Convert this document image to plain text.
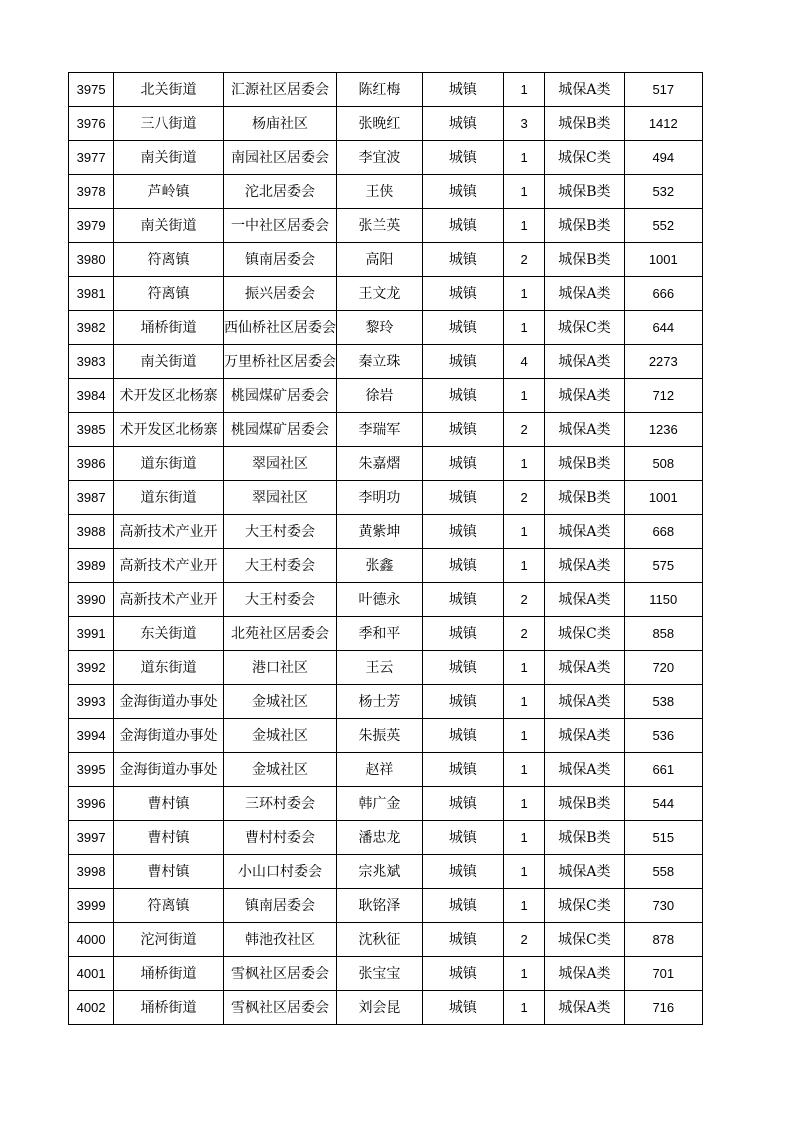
3975	北关街道	汇源社区居委会	陈红梅	城镇	1	城保A类	517
3976	三八街道	杨庙社区	张晚红	城镇	3	城保B类	1412
3977	南关街道	南园社区居委会	李宜波	城镇	1	城保C类	494
3978	芦岭镇	沱北居委会	王侠	城镇	1	城保B类	532
3979	南关街道	一中社区居委会	张兰英	城镇	1	城保B类	552
3980	符离镇	镇南居委会	高阳	城镇	2	城保B类	1001
3981	符离镇	振兴居委会	王文龙	城镇	1	城保A类	666
3982	埇桥街道	西仙桥社区居委会	黎玲	城镇	1	城保C类	644
3983	南关街道	万里桥社区居委会	秦立珠	城镇	4	城保A类	2273
3984	术开发区北杨寨	桃园煤矿居委会	徐岩	城镇	1	城保A类	712
3985	术开发区北杨寨	桃园煤矿居委会	李瑞军	城镇	2	城保A类	1236
3986	道东街道	翠园社区	朱嘉熠	城镇	1	城保B类	508
3987	道东街道	翠园社区	李明功	城镇	2	城保B类	1001
3988	高新技术产业开	大王村委会	黄紫坤	城镇	1	城保A类	668
3989	高新技术产业开	大王村委会	张鑫	城镇	1	城保A类	575
3990	高新技术产业开	大王村委会	叶德永	城镇	2	城保A类	1150
3991	东关街道	北苑社区居委会	季和平	城镇	2	城保C类	858
3992	道东街道	港口社区	王云	城镇	1	城保A类	720
3993	金海街道办事处	金城社区	杨士芳	城镇	1	城保A类	538
3994	金海街道办事处	金城社区	朱振英	城镇	1	城保A类	536
3995	金海街道办事处	金城社区	赵祥	城镇	1	城保A类	661
3996	曹村镇	三环村委会	韩广金	城镇	1	城保B类	544
3997	曹村镇	曹村村委会	潘忠龙	城镇	1	城保B类	515
3998	曹村镇	小山口村委会	宗兆斌	城镇	1	城保A类	558
3999	符离镇	镇南居委会	耿铭泽	城镇	1	城保C类	730
4000	沱河街道	韩池孜社区	沈秋征	城镇	2	城保C类	878
4001	埇桥街道	雪枫社区居委会	张宝宝	城镇	1	城保A类	701
4002	埇桥街道	雪枫社区居委会	刘会昆	城镇	1	城保A类	716
